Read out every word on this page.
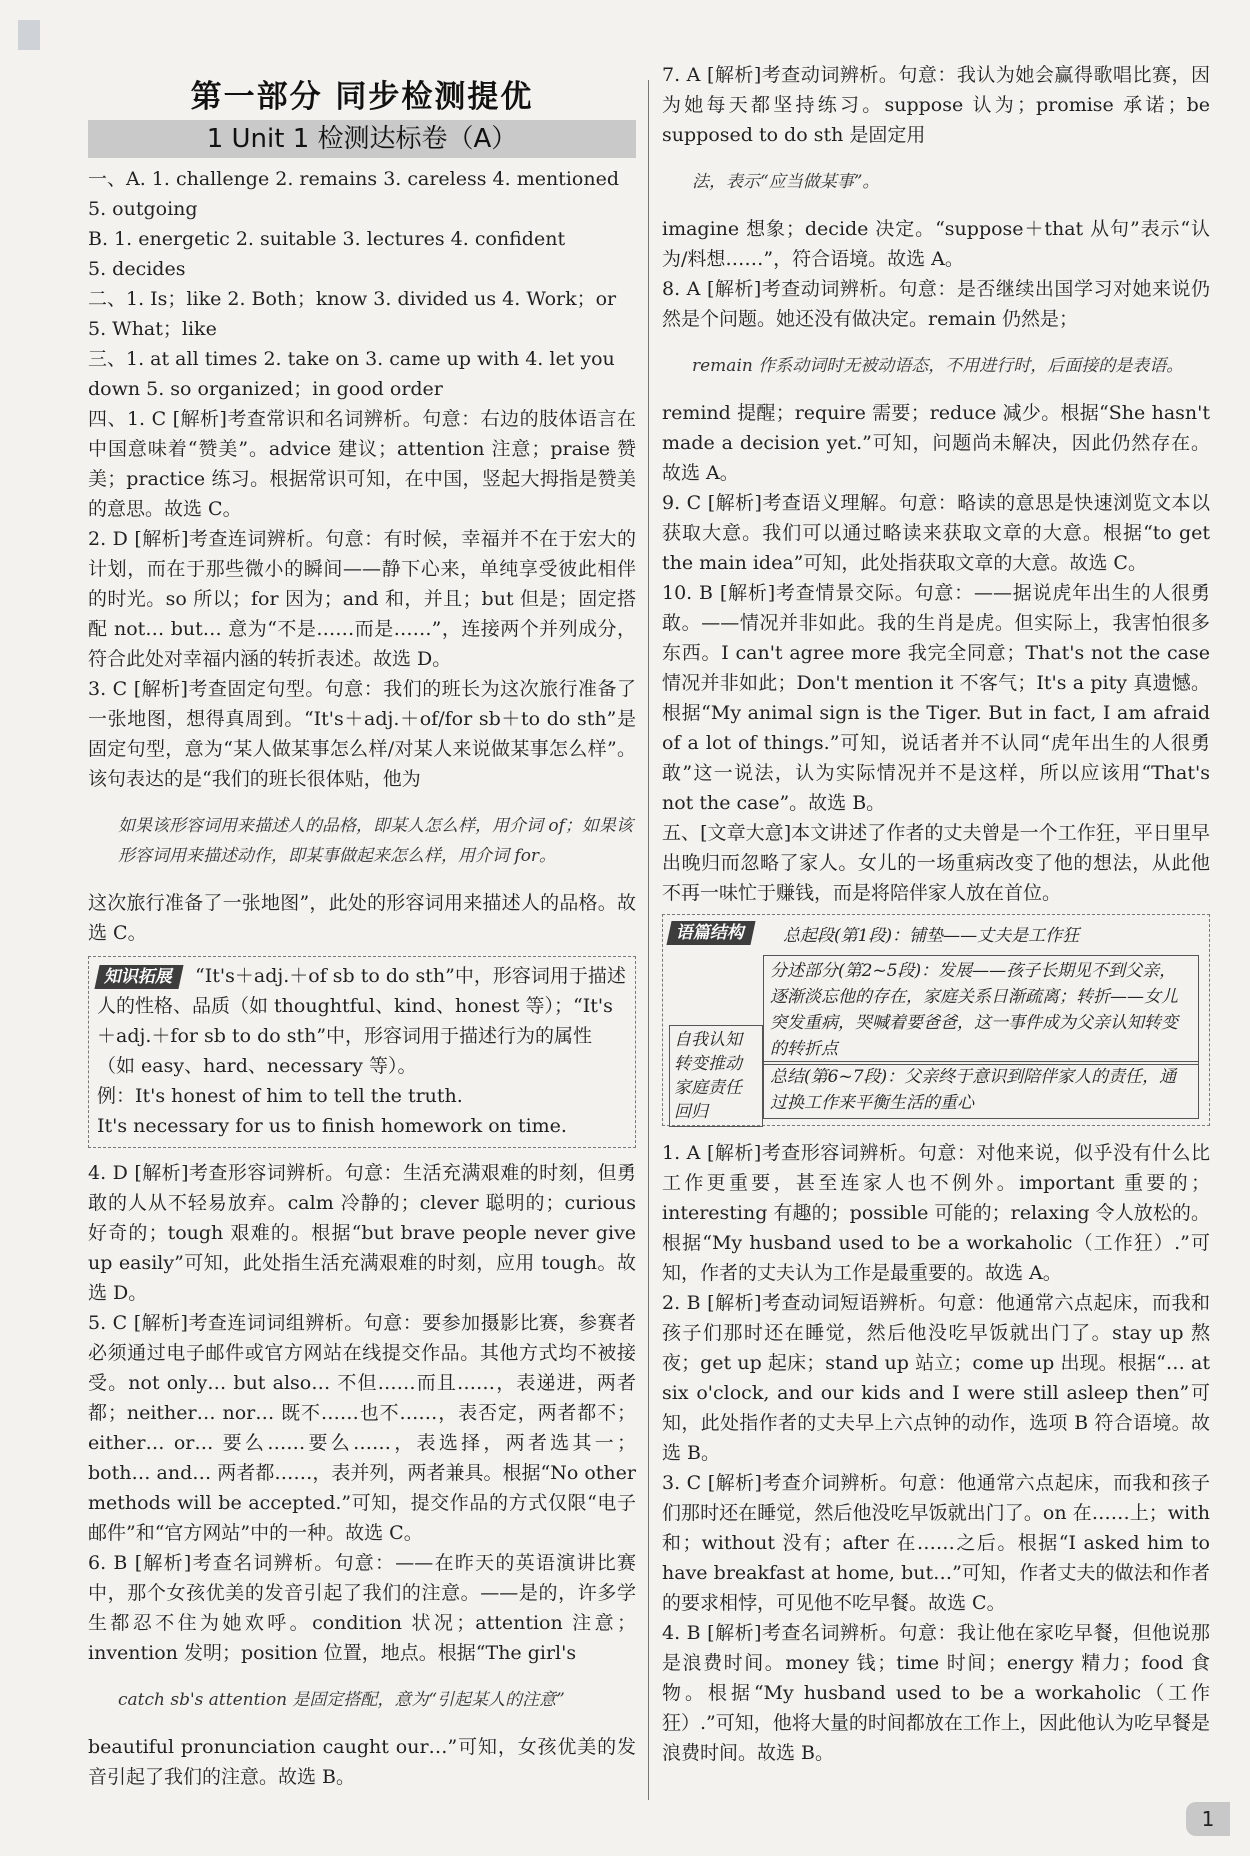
第一部分 同步检测提优
1 Unit 1 检测达标卷（A）

一、A. 1. challenge 2. remains 3. careless 4. mentioned

5. outgoing

B. 1. energetic 2. suitable 3. lectures 4. confident

5. decides

二、1. Is；like 2. Both；know 3. divided us 4. Work；or

5. What；like

三、1. at all times 2. take on 3. came up with 4. let you

down 5. so organized；in good order

四、1. C [解析]考查常识和名词辨析。句意：右边的肢体语言在中国意味着“赞美”。advice 建议；attention 注意；praise 赞美；practice 练习。根据常识可知，在中国，竖起大拇指是赞美的意思。故选 C。

2. D [解析]考查连词辨析。句意：有时候，幸福并不在于宏大的计划，而在于那些微小的瞬间——静下心来，单纯享受彼此相伴的时光。so 所以；for 因为；and 和，并且；but 但是；固定搭配 not… but… 意为“不是……而是……”，连接两个并列成分，符合此处对幸福内涵的转折表述。故选 D。

3. C [解析]考查固定句型。句意：我们的班长为这次旅行准备了一张地图，想得真周到。“It's＋adj.＋of/for sb＋to do sth”是固定句型，意为“某人做某事怎么样/对某人来说做某事怎么样”。该句表达的是“我们的班长很体贴，他为

如果该形容词用来描述人的品格，即某人怎么样，用介词 of；如果该形容词用来描述动作，即某事做起来怎么样，用介词 for。

这次旅行准备了一张地图”，此处的形容词用来描述人的品格。故选 C。

知识拓展 “It's＋adj.＋of sb to do sth”中，形容词用于描述人的性格、品质（如 thoughtful、kind、honest 等）；“It's＋adj.＋for sb to do sth”中，形容词用于描述行为的属性（如 easy、hard、necessary 等）。
例：It's honest of him to tell the truth.
It's necessary for us to finish homework on time.

4. D [解析]考查形容词辨析。句意：生活充满艰难的时刻，但勇敢的人从不轻易放弃。calm 冷静的；clever 聪明的；curious 好奇的；tough 艰难的。根据“but brave people never give up easily”可知，此处指生活充满艰难的时刻，应用 tough。故选 D。

5. C [解析]考查连词词组辨析。句意：要参加摄影比赛，参赛者必须通过电子邮件或官方网站在线提交作品。其他方式均不被接受。not only… but also… 不但……而且……，表递进，两者都；neither… nor… 既不……也不……，表否定，两者都不；either… or… 要么……要么……，表选择，两者选其一；both… and… 两者都……，表并列，两者兼具。根据“No other methods will be accepted.”可知，提交作品的方式仅限“电子邮件”和“官方网站”中的一种。故选 C。

6. B [解析]考查名词辨析。句意：——在昨天的英语演讲比赛中，那个女孩优美的发音引起了我们的注意。——是的，许多学生都忍不住为她欢呼。condition 状况；attention 注意；invention 发明；position 位置，地点。根据“The girl's

catch sb's attention 是固定搭配，意为“引起某人的注意”

beautiful pronunciation caught our…”可知，女孩优美的发音引起了我们的注意。故选 B。

7. A [解析]考查动词辨析。句意：我认为她会赢得歌唱比赛，因为她每天都坚持练习。suppose 认为；promise 承诺；be supposed to do sth 是固定用

法，表示“应当做某事”。

imagine 想象；decide 决定。“suppose＋that 从句”表示“认为/料想……”，符合语境。故选 A。

8. A [解析]考查动词辨析。句意：是否继续出国学习对她来说仍然是个问题。她还没有做决定。remain 仍然是；

remain 作系动词时无被动语态，不用进行时，后面接的是表语。

remind 提醒；require 需要；reduce 减少。根据“She hasn't made a decision yet.”可知，问题尚未解决，因此仍然存在。故选 A。

9. C [解析]考查语义理解。句意：略读的意思是快速浏览文本以获取大意。我们可以通过略读来获取文章的大意。根据“to get the main idea”可知，此处指获取文章的大意。故选 C。

10. B [解析]考查情景交际。句意：——据说虎年出生的人很勇敢。——情况并非如此。我的生肖是虎。但实际上，我害怕很多东西。I can't agree more 我完全同意；That's not the case 情况并非如此；Don't mention it 不客气；It's a pity 真遗憾。根据“My animal sign is the Tiger. But in fact, I am afraid of a lot of things.”可知，说话者并不认同“虎年出生的人很勇敢”这一说法，认为实际情况并不是这样，所以应该用“That's not the case”。故选 B。

五、[文章大意]本文讲述了作者的丈夫曾是一个工作狂，平日里早出晚归而忽略了家人。女儿的一场重病改变了他的想法，从此他不再一味忙于赚钱，而是将陪伴家人放在首位。

语篇结构	总起段(第1段)：铺垫——丈夫是工作狂
分述部分(第2~5段)：发展——孩子长期见不到父亲，逐渐淡忘他的存在，家庭关系日渐疏离；转折——女儿突发重病，哭喊着要爸爸，这一事件成为父亲认知转变的转折点
总结(第6~7段)：父亲终于意识到陪伴家人的责任，通过换工作来平衡生活的重心
自我认知转变推动家庭责任回归

1. A [解析]考查形容词辨析。句意：对他来说，似乎没有什么比工作更重要，甚至连家人也不例外。important 重要的；interesting 有趣的；possible 可能的；relaxing 令人放松的。根据“My husband used to be a workaholic（工作狂）.”可知，作者的丈夫认为工作是最重要的。故选 A。

2. B [解析]考查动词短语辨析。句意：他通常六点起床，而我和孩子们那时还在睡觉，然后他没吃早饭就出门了。stay up 熬夜；get up 起床；stand up 站立；come up 出现。根据“… at six o'clock, and our kids and I were still asleep then”可知，此处指作者的丈夫早上六点钟的动作，选项 B 符合语境。故选 B。

3. C [解析]考查介词辨析。句意：他通常六点起床，而我和孩子们那时还在睡觉，然后他没吃早饭就出门了。on 在……上；with 和；without 没有；after 在……之后。根据“I asked him to have breakfast at home, but…”可知，作者丈夫的做法和作者的要求相悖，可见他不吃早餐。故选 C。

4. B [解析]考查名词辨析。句意：我让他在家吃早餐，但他说那是浪费时间。money 钱；time 时间；energy 精力；food 食物。根据“My husband used to be a workaholic（工作狂）.”可知，他将大量的时间都放在工作上，因此他认为吃早餐是浪费时间。故选 B。

1
